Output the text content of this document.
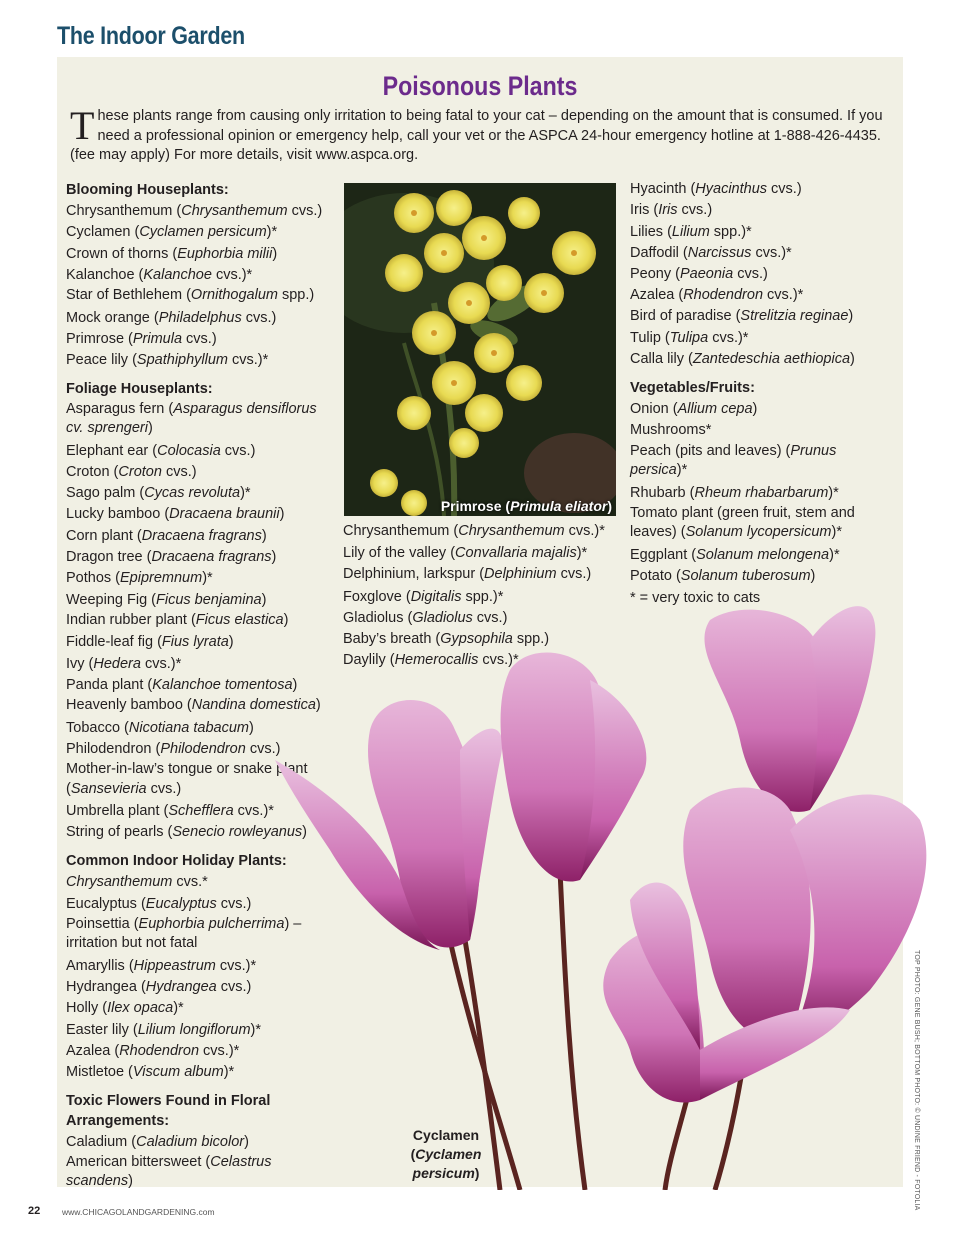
The Indoor Garden
Poisonous Plants
These plants range from causing only irritation to being fatal to your cat – depending on the amount that is consumed. If you need a professional opinion or emergency help, call your vet or the ASPCA 24-hour emergency hotline at 1-888-426-4435. (fee may apply) For more details, visit www.aspca.org.
Blooming Houseplants:
Chrysanthemum (Chrysanthemum cvs.)
Cyclamen (Cyclamen persicum)*
Crown of thorns (Euphorbia milii)
Kalanchoe (Kalanchoe cvs.)*
Star of Bethlehem (Ornithogalum spp.)
Mock orange (Philadelphus cvs.)
Primrose (Primula cvs.)
Peace lily (Spathiphyllum cvs.)*
Foliage Houseplants:
Asparagus fern (Asparagus densiflorus cv. sprengeri)
Elephant ear (Colocasia cvs.)
Croton (Croton cvs.)
Sago palm (Cycas revoluta)*
Lucky bamboo (Dracaena braunii)
Corn plant (Dracaena fragrans)
Dragon tree (Dracaena fragrans)
Pothos (Epipremnum)*
Weeping Fig (Ficus benjamina)
Indian rubber plant (Ficus elastica)
Fiddle-leaf fig (Fius lyrata)
Ivy (Hedera cvs.)*
Panda plant (Kalanchoe tomentosa)
Heavenly bamboo (Nandina domestica)
Tobacco (Nicotiana tabacum)
Philodendron (Philodendron cvs.)
Mother-in-law’s tongue or snake plant (Sansevieria cvs.)
Umbrella plant (Schefflera cvs.)*
String of pearls (Senecio rowleyanus)
Common Indoor Holiday Plants:
Chrysanthemum cvs.*
Eucalyptus (Eucalyptus cvs.)
Poinsettia (Euphorbia pulcherrima) – irritation but not fatal
Amaryllis (Hippeastrum cvs.)*
Hydrangea (Hydrangea cvs.)
Holly (Ilex opaca)*
Easter lily (Lilium longiflorum)*
Azalea (Rhodendron cvs.)*
Mistletoe (Viscum album)*
Toxic Flowers Found in Floral Arrangements:
Caladium (Caladium bicolor)
American bittersweet (Celastrus scandens)
Primrose (Primula eliator)
Chrysanthemum (Chrysanthemum cvs.)*
Lily of the valley (Convallaria majalis)*
Delphinium, larkspur (Delphinium cvs.)
Foxglove (Digitalis spp.)*
Gladiolus (Gladiolus cvs.)
Baby’s breath (Gypsophila spp.)
Daylily (Hemerocallis cvs.)*
Hyacinth (Hyacinthus cvs.)
Iris (Iris cvs.)
Lilies (Lilium spp.)*
Daffodil (Narcissus cvs.)*
Peony (Paeonia cvs.)
Azalea (Rhodendron cvs.)*
Bird of paradise (Strelitzia reginae)
Tulip (Tulipa cvs.)*
Calla lily (Zantedeschia aethiopica)
Vegetables/Fruits:
Onion (Allium cepa)
Mushrooms*
Peach (pits and leaves) (Prunus persica)*
Rhubarb (Rheum rhabarbarum)*
Tomato plant (green fruit, stem and leaves) (Solanum lycopersicum)*
Eggplant (Solanum melongena)*
Potato (Solanum tuberosum)
* = very toxic to cats
Cyclamen
(Cyclamen
persicum)	TOP PHOTO: GENE BUSH; BOTTOM PHOTO: © UNDINE FRIEND - FOTOLIA
22	www.CHICAGOLANDGARDENING.com
